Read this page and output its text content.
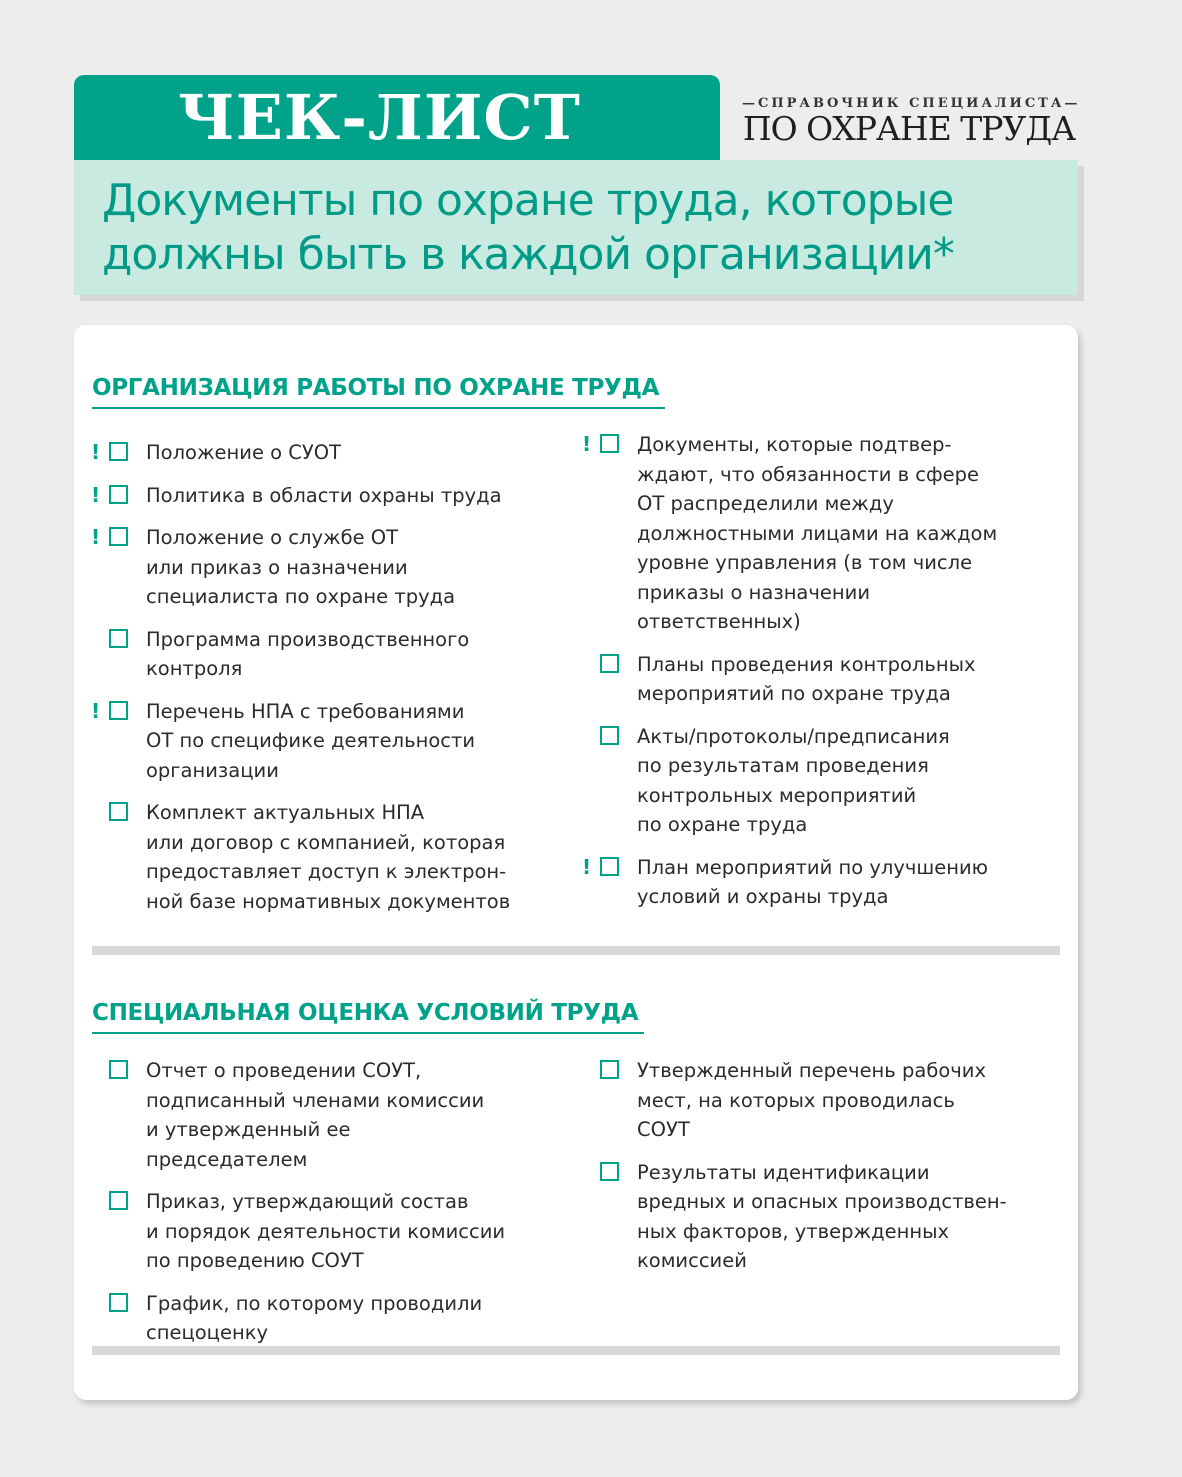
ЧЕК-ЛИСТ	—СПРАВОЧНИК СПЕЦИАЛИСТА—
ПО ОХРАНЕ ТРУДА
Документы по охране труда, которые
должны быть в каждой организации*
ОРГАНИЗАЦИЯ РАБОТЫ ПО ОХРАНЕ ТРУДА
! Положение о СУОТ
! Политика в области охраны труда
! Положение о службе ОТ
или приказ о назначении
специалиста по охране труда
Программа производственного
контроля
! Перечень НПА с требованиями
ОТ по специфике деятельности
организации
Комплект актуальных НПА
или договор с компанией, которая
предоставляет доступ к электрон-
ной базе нормативных документов
! Документы, которые подтвер-
ждают, что обязанности в сфере
ОТ распределили между
должностными лицами на каждом
уровне управления (в том числе
приказы о назначении
ответственных)
Планы проведения контрольных
мероприятий по охране труда
Акты/протоколы/предписания
по результатам проведения
контрольных мероприятий
по охране труда
! План мероприятий по улучшению
условий и охраны труда
СПЕЦИАЛЬНАЯ ОЦЕНКА УСЛОВИЙ ТРУДА
Отчет о проведении СОУТ,
подписанный членами комиссии
и утвержденный ее председателем
Приказ, утверждающий состав
и порядок деятельности комиссии
по проведению СОУТ
График, по которому проводили
спецоценку
Утвержденный перечень рабочих
мест, на которых проводилась
СОУТ
Результаты идентификации
вредных и опасных производствен-
ных факторов, утвержденных
комиссией
